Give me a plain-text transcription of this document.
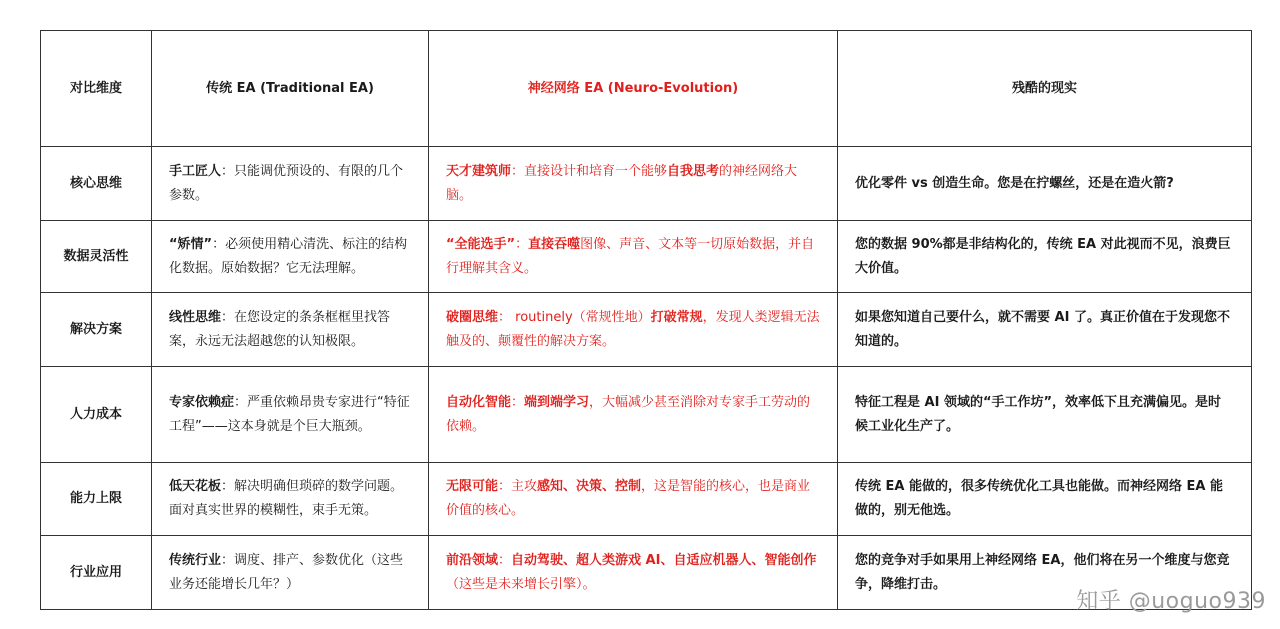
对比维度	传统 EA (Traditional EA)	神经网络 EA (Neuro-Evolution)	残酷的现实
核心思维	手工匠人：只能调优预设的、有限的几个参数。	天才建筑师：直接设计和培育一个能够自我思考的神经网络大脑。	优化零件 vs 创造生命。您是在拧螺丝，还是在造火箭?
数据灵活性	“矫情”：必须使用精心清洗、标注的结构化数据。原始数据？它无法理解。	“全能选手”：直接吞噬图像、声音、文本等一切原始数据，并自行理解其含义。	您的数据 90%都是非结构化的，传统 EA 对此视而不见，浪费巨大价值。
解决方案	线性思维：在您设定的条条框框里找答案，永远无法超越您的认知极限。	破圈思维： routinely（常规性地）打破常规，发现人类逻辑无法触及的、颠覆性的解决方案。	如果您知道自己要什么，就不需要 AI 了。真正价值在于发现您不知道的。
人力成本	专家依赖症：严重依赖昂贵专家进行“特征工程”——这本身就是个巨大瓶颈。	自动化智能：端到端学习，大幅减少甚至消除对专家手工劳动的依赖。	特征工程是 AI 领域的“手工作坊”，效率低下且充满偏见。是时候工业化生产了。
能力上限	低天花板：解决明确但琐碎的数学问题。面对真实世界的模糊性，束手无策。	无限可能：主攻感知、决策、控制，这是智能的核心，也是商业价值的核心。	传统 EA 能做的，很多传统优化工具也能做。而神经网络 EA 能做的，别无他选。
行业应用	传统行业：调度、排产、参数优化（这些业务还能增长几年？）	前沿领域：自动驾驶、超人类游戏 AI、自适应机器人、智能创作（这些是未来增长引擎）。	您的竞争对手如果用上神经网络 EA，他们将在另一个维度与您竞争，降维打击。
知乎 @uoguo939
